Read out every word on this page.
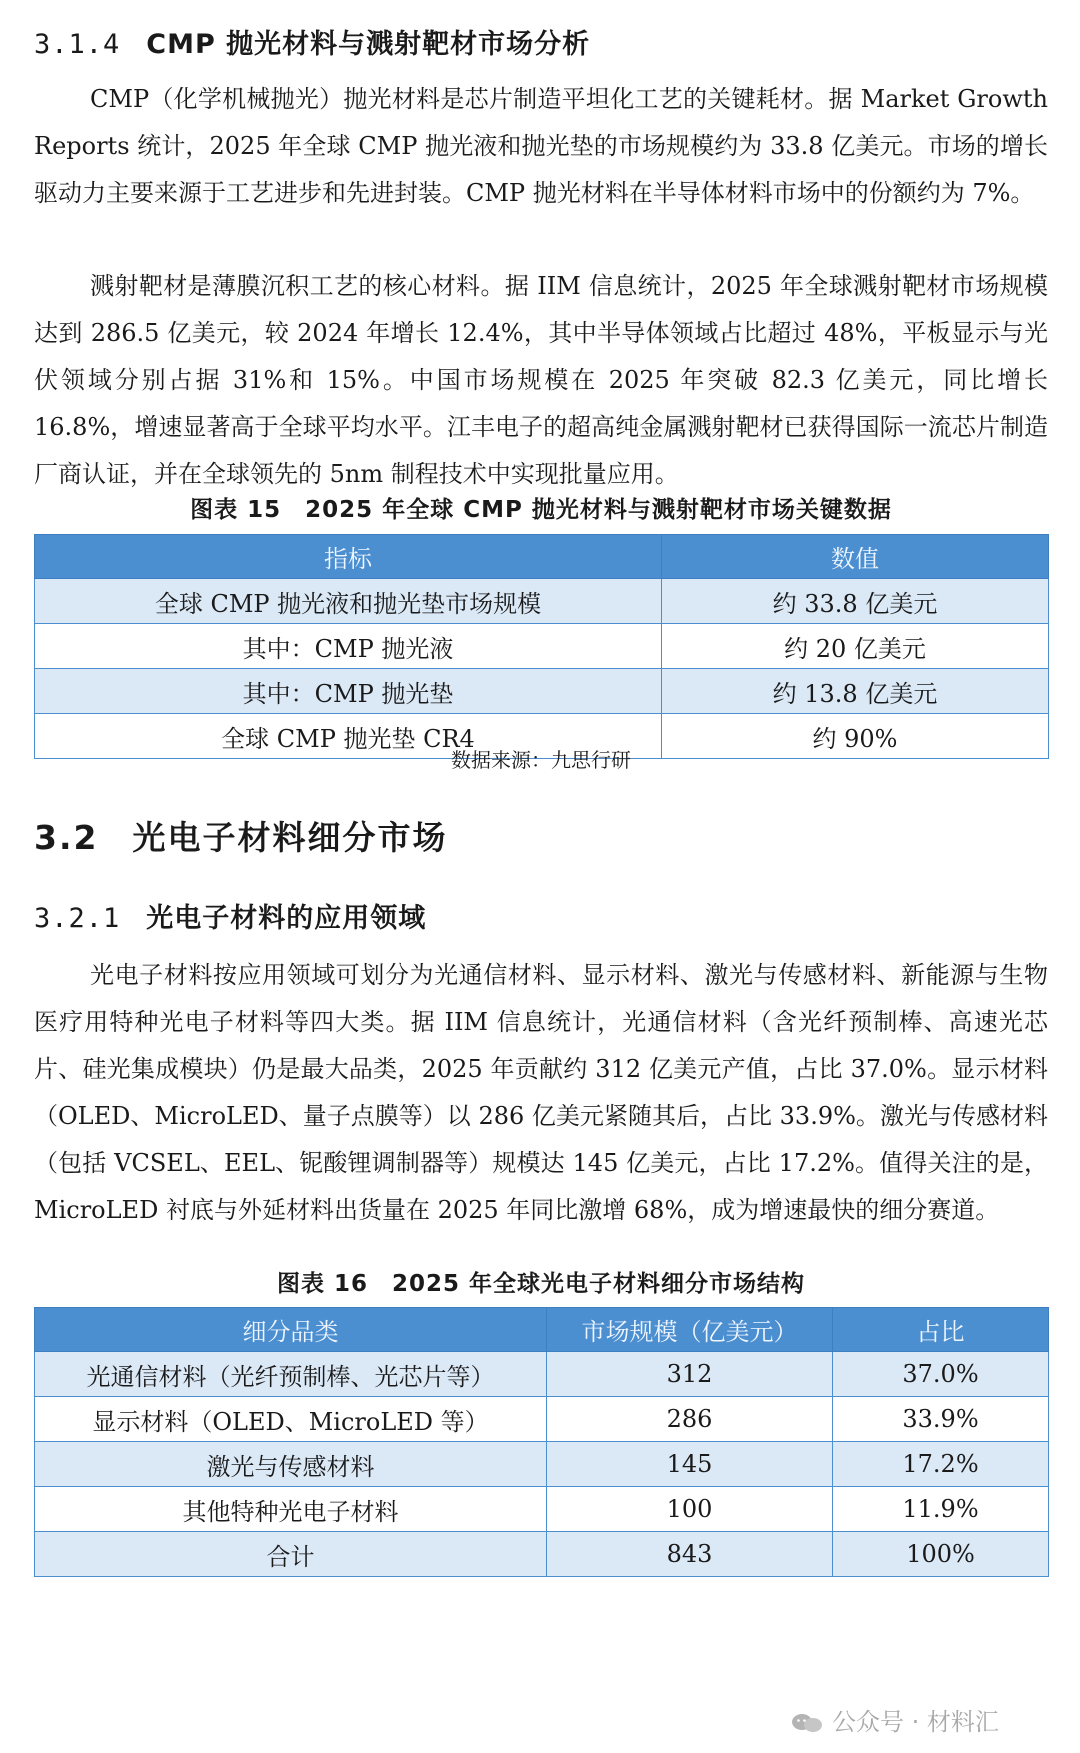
3.1.4 CMP 抛光材料与溅射靶材市场分析

CMP（化学机械抛光）抛光材料是芯片制造平坦化工艺的关键耗材。据 Market Growth Reports 统计，2025 年全球 CMP 抛光液和抛光垫的市场规模约为 33.8 亿美元。市场的增长驱动力主要来源于工艺进步和先进封装。CMP 抛光材料在半导体材料市场中的份额约为 7%。

溅射靶材是薄膜沉积工艺的核心材料。据 IIM 信息统计，2025 年全球溅射靶材市场规模达到 286.5 亿美元，较 2024 年增长 12.4%，其中半导体领域占比超过 48%，平板显示与光伏领域分别占据 31%和 15%。中国市场规模在 2025 年突破 82.3 亿美元，同比增长 16.8%，增速显著高于全球平均水平。江丰电子的超高纯金属溅射靶材已获得国际一流芯片制造厂商认证，并在全球领先的 5nm 制程技术中实现批量应用。

图表 15　2025 年全球 CMP 抛光材料与溅射靶材市场关键数据
指标	数值
全球 CMP 抛光液和抛光垫市场规模	约 33.8 亿美元
其中：CMP 抛光液	约 20 亿美元
其中：CMP 抛光垫	约 13.8 亿美元
全球 CMP 抛光垫 CR4	约 90%
数据来源：九思行研
3.2 光电子材料细分市场
3.2.1 光电子材料的应用领域

光电子材料按应用领域可划分为光通信材料、显示材料、激光与传感材料、新能源与生物医疗用特种光电子材料等四大类。据 IIM 信息统计，光通信材料（含光纤预制棒、高速光芯片、硅光集成模块）仍是最大品类，2025 年贡献约 312 亿美元产值，占比 37.0%。显示材料（OLED、MicroLED、量子点膜等）以 286 亿美元紧随其后，占比 33.9%。激光与传感材料（包括 VCSEL、EEL、铌酸锂调制器等）规模达 145 亿美元，占比 17.2%。值得关注的是，MicroLED 衬底与外延材料出货量在 2025 年同比激增 68%，成为增速最快的细分赛道。

图表 16　2025 年全球光电子材料细分市场结构
细分品类	市场规模（亿美元）	占比
光通信材料（光纤预制棒、光芯片等）	312	37.0%
显示材料（OLED、MicroLED 等）	286	33.9%
激光与传感材料	145	17.2%
其他特种光电子材料	100	11.9%
合计	843	100%
公众号 · 材料汇
